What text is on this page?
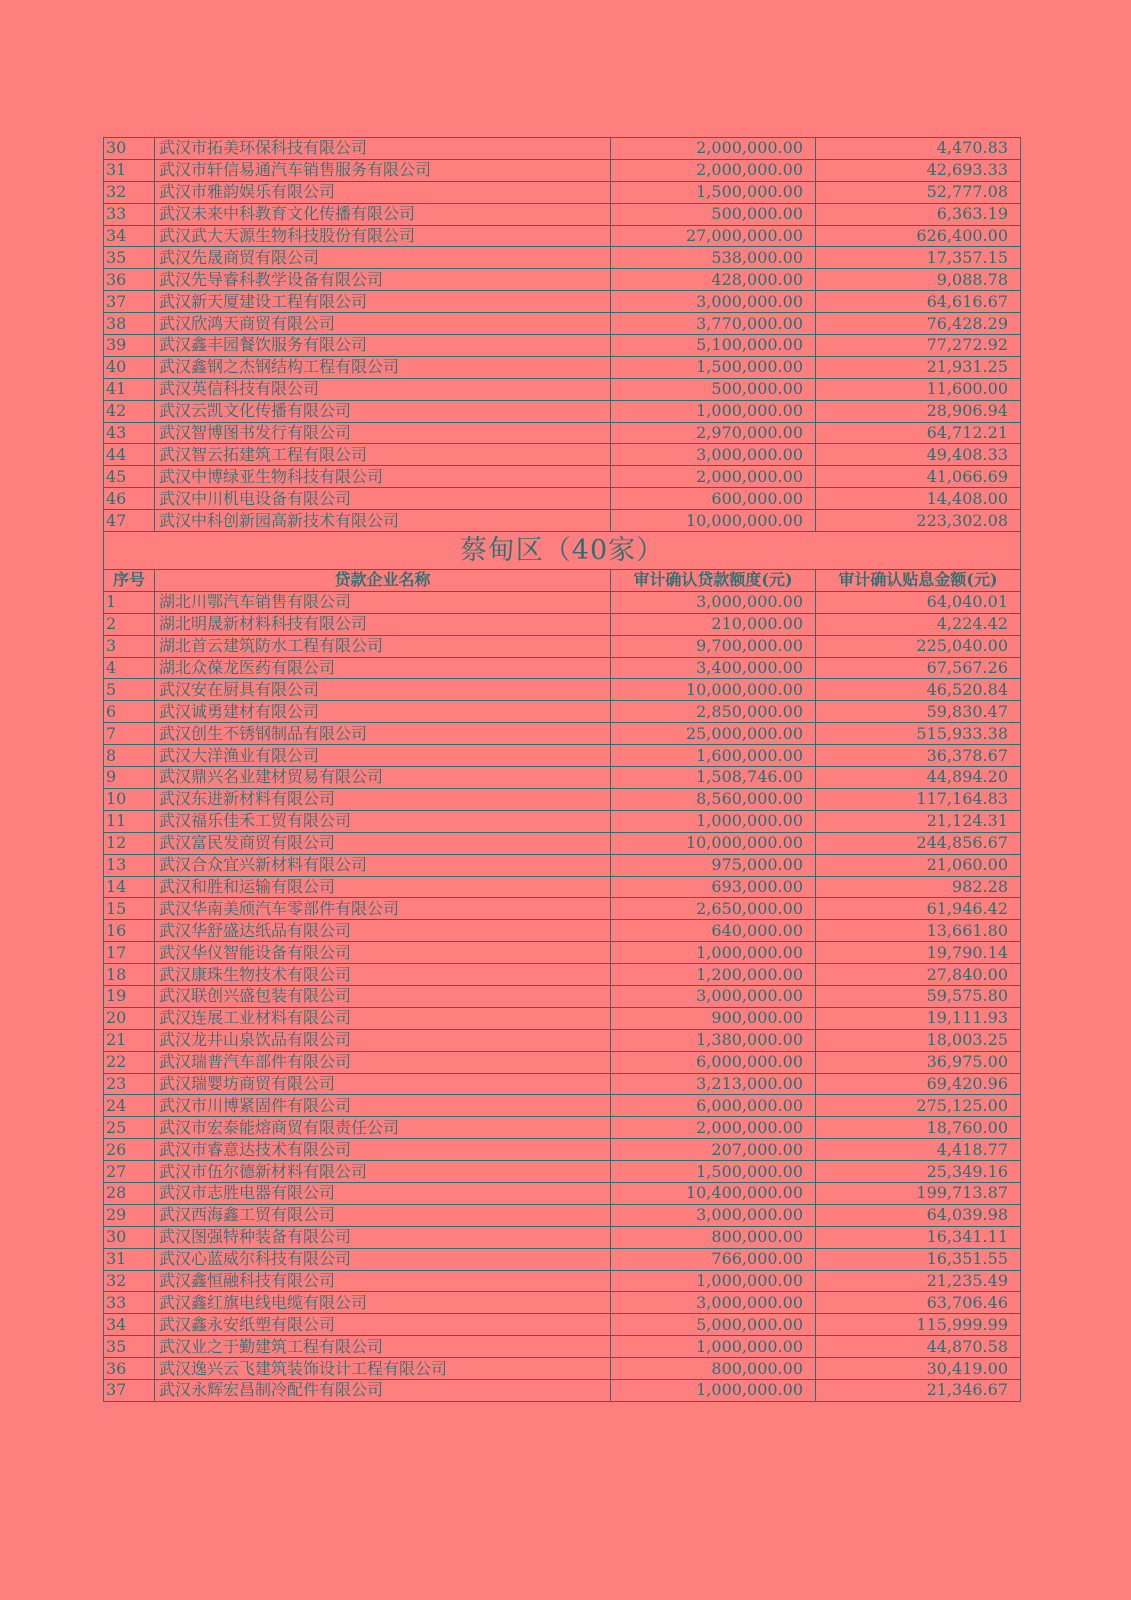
30	武汉市拓美环保科技有限公司	2,000,000.00	4,470.83
31	武汉市轩信易通汽车销售服务有限公司	2,000,000.00	42,693.33
32	武汉市雅韵娱乐有限公司	1,500,000.00	52,777.08
33	武汉未来中科教育文化传播有限公司	500,000.00	6,363.19
34	武汉武大天源生物科技股份有限公司	27,000,000.00	626,400.00
35	武汉先晟商贸有限公司	538,000.00	17,357.15
36	武汉先导睿科教学设备有限公司	428,000.00	9,088.78
37	武汉新天厦建设工程有限公司	3,000,000.00	64,616.67
38	武汉欣鸿天商贸有限公司	3,770,000.00	76,428.29
39	武汉鑫丰园餐饮服务有限公司	5,100,000.00	77,272.92
40	武汉鑫钢之杰钢结构工程有限公司	1,500,000.00	21,931.25
41	武汉英信科技有限公司	500,000.00	11,600.00
42	武汉云凯文化传播有限公司	1,000,000.00	28,906.94
43	武汉智博图书发行有限公司	2,970,000.00	64,712.21
44	武汉智云拓建筑工程有限公司	3,000,000.00	49,408.33
45	武汉中博绿亚生物科技有限公司	2,000,000.00	41,066.69
46	武汉中川机电设备有限公司	600,000.00	14,408.00
47	武汉中科创新园高新技术有限公司	10,000,000.00	223,302.08
蔡甸区（40家）			
序号	贷款企业名称	审计确认贷款额度(元)	审计确认贴息金额(元)
1	湖北川鄂汽车销售有限公司	3,000,000.00	64,040.01
2	湖北明晟新材料科技有限公司	210,000.00	4,224.42
3	湖北首云建筑防水工程有限公司	9,700,000.00	225,040.00
4	湖北众葆龙医药有限公司	3,400,000.00	67,567.26
5	武汉安在厨具有限公司	10,000,000.00	46,520.84
6	武汉诚勇建材有限公司	2,850,000.00	59,830.47
7	武汉创生不锈钢制品有限公司	25,000,000.00	515,933.38
8	武汉大洋渔业有限公司	1,600,000.00	36,378.67
9	武汉鼎兴名业建材贸易有限公司	1,508,746.00	44,894.20
10	武汉东进新材料有限公司	8,560,000.00	117,164.83
11	武汉福乐佳禾工贸有限公司	1,000,000.00	21,124.31
12	武汉富民发商贸有限公司	10,000,000.00	244,856.67
13	武汉合众宜兴新材料有限公司	975,000.00	21,060.00
14	武汉和胜和运输有限公司	693,000.00	982.28
15	武汉华南美颀汽车零部件有限公司	2,650,000.00	61,946.42
16	武汉华舒盛达纸品有限公司	640,000.00	13,661.80
17	武汉华仪智能设备有限公司	1,000,000.00	19,790.14
18	武汉康珠生物技术有限公司	1,200,000.00	27,840.00
19	武汉联创兴盛包装有限公司	3,000,000.00	59,575.80
20	武汉连展工业材料有限公司	900,000.00	19,111.93
21	武汉龙井山泉饮品有限公司	1,380,000.00	18,003.25
22	武汉瑞普汽车部件有限公司	6,000,000.00	36,975.00
23	武汉瑞婴坊商贸有限公司	3,213,000.00	69,420.96
24	武汉市川博紧固件有限公司	6,000,000.00	275,125.00
25	武汉市宏泰能熔商贸有限责任公司	2,000,000.00	18,760.00
26	武汉市睿意达技术有限公司	207,000.00	4,418.77
27	武汉市伍尔德新材料有限公司	1,500,000.00	25,349.16
28	武汉市志胜电器有限公司	10,400,000.00	199,713.87
29	武汉西海鑫工贸有限公司	3,000,000.00	64,039.98
30	武汉图强特种装备有限公司	800,000.00	16,341.11
31	武汉心蓝威尔科技有限公司	766,000.00	16,351.55
32	武汉鑫恒融科技有限公司	1,000,000.00	21,235.49
33	武汉鑫红旗电线电缆有限公司	3,000,000.00	63,706.46
34	武汉鑫永安纸塑有限公司	5,000,000.00	115,999.99
35	武汉业之于勤建筑工程有限公司	1,000,000.00	44,870.58
36	武汉逸兴云飞建筑装饰设计工程有限公司	800,000.00	30,419.00
37	武汉永辉宏昌制冷配件有限公司	1,000,000.00	21,346.67
